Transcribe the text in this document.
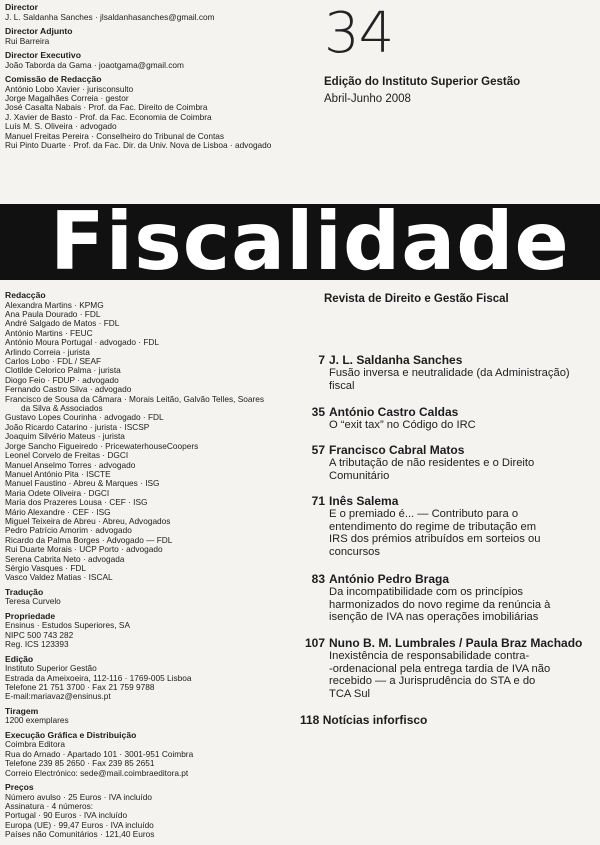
Director

J. L. Saldanha Sanches · jlsaldanhasanches@gmail.com

Director Adjunto

Rui Barreira

Director Executivo

João Taborda da Gama · joaotgama@gmail.com

Comissão de Redacção

António Lobo Xavier · jurisconsulto

Jorge Magalhães Correia · gestor

José Casalta Nabais · Prof. da Fac. Direito de Coimbra

J. Xavier de Basto · Prof. da Fac. Economia de Coimbra

Luís M. S. Oliveira · advogado

Manuel Freitas Pereira · Conselheiro do Tribunal de Contas

Rui Pinto Duarte · Prof. da Fac. Dir. da Univ. Nova de Lisboa · advogado

34
Edição do Instituto Superior Gestão
Abril-Junho 2008
Fiscalidade
Revista de Direito e Gestão Fiscal

Redacção

Alexandra Martins · KPMG

Ana Paula Dourado · FDL

André Salgado de Matos · FDL

António Martins · FEUC

António Moura Portugal · advogado · FDL

Arlindo Correia · jurista

Carlos Lobo · FDL / SEAF

Clotilde Celorico Palma · jurista

Diogo Feio · FDUP · advogado

Fernando Castro Silva · advogado

Francisco de Sousa da Câmara · Morais Leitão, Galvão Telles, Soares

da Silva & Associados

Gustavo Lopes Courinha · advogado · FDL

João Ricardo Catarino · jurista · ISCSP

Joaquim Silvério Mateus · jurista

Jorge Sancho Figueiredo · PricewaterhouseCoopers

Leonel Corvelo de Freitas · DGCI

Manuel Anselmo Torres · advogado

Manuel António Pita · ISCTE

Manuel Faustino · Abreu & Marques · ISG

Maria Odete Oliveira · DGCI

Maria dos Prazeres Lousa · CEF · ISG

Mário Alexandre · CEF · ISG

Miguel Teixeira de Abreu · Abreu, Advogados

Pedro Patrício Amorim · advogado

Ricardo da Palma Borges · Advogado — FDL

Rui Duarte Morais · UCP Porto · advogado

Serena Cabrita Neto · advogada

Sérgio Vasques · FDL

Vasco Valdez Matias · ISCAL

Tradução

Teresa Curvelo

Propriedade

Ensinus · Estudos Superiores, SA

NIPC 500 743 282

Reg. ICS 123393

Edição

Instituto Superior Gestão

Estrada da Ameixoeira, 112-116 · 1769-005 Lisboa

Telefone 21 751 3700 · Fax 21 759 9788

E-mail:mariavaz@ensinus.pt

Tiragem

1200 exemplares

Execução Gráfica e Distribuição

Coimbra Editora

Rua do Arnado · Apartado 101 · 3001-951 Coimbra

Telefone 239 85 2650 · Fax 239 85 2651

Correio Electrónico: sede@mail.coimbraeditora.pt

Preços

Número avulso · 25 Euros · IVA incluído

Assinatura · 4 números:

Portugal · 90 Euros · IVA incluído

Europa (UE) · 99,47 Euros · IVA incluído

Países não Comunitários · 121,40 Euros

7 J. L. Saldanha Sanches

Fusão inversa e neutralidade (da Administração)

fiscal

35 António Castro Caldas

O “exit tax” no Código do IRC

57 Francisco Cabral Matos

A tributação de não residentes e o Direito

Comunitário

71 Inês Salema

E o premiado é... — Contributo para o

entendimento do regime de tributação em

IRS dos prémios atribuídos em sorteios ou

concursos

83 António Pedro Braga

Da incompatibilidade com os princípios

harmonizados do novo regime da renúncia à

isenção de IVA nas operações imobiliárias

107 Nuno B. M. Lumbrales / Paula Braz Machado

Inexistência de responsabilidade contra-

-ordenacional pela entrega tardia de IVA não

recebido — a Jurisprudência do STA e do

TCA Sul

118 Notícias inforfisco
